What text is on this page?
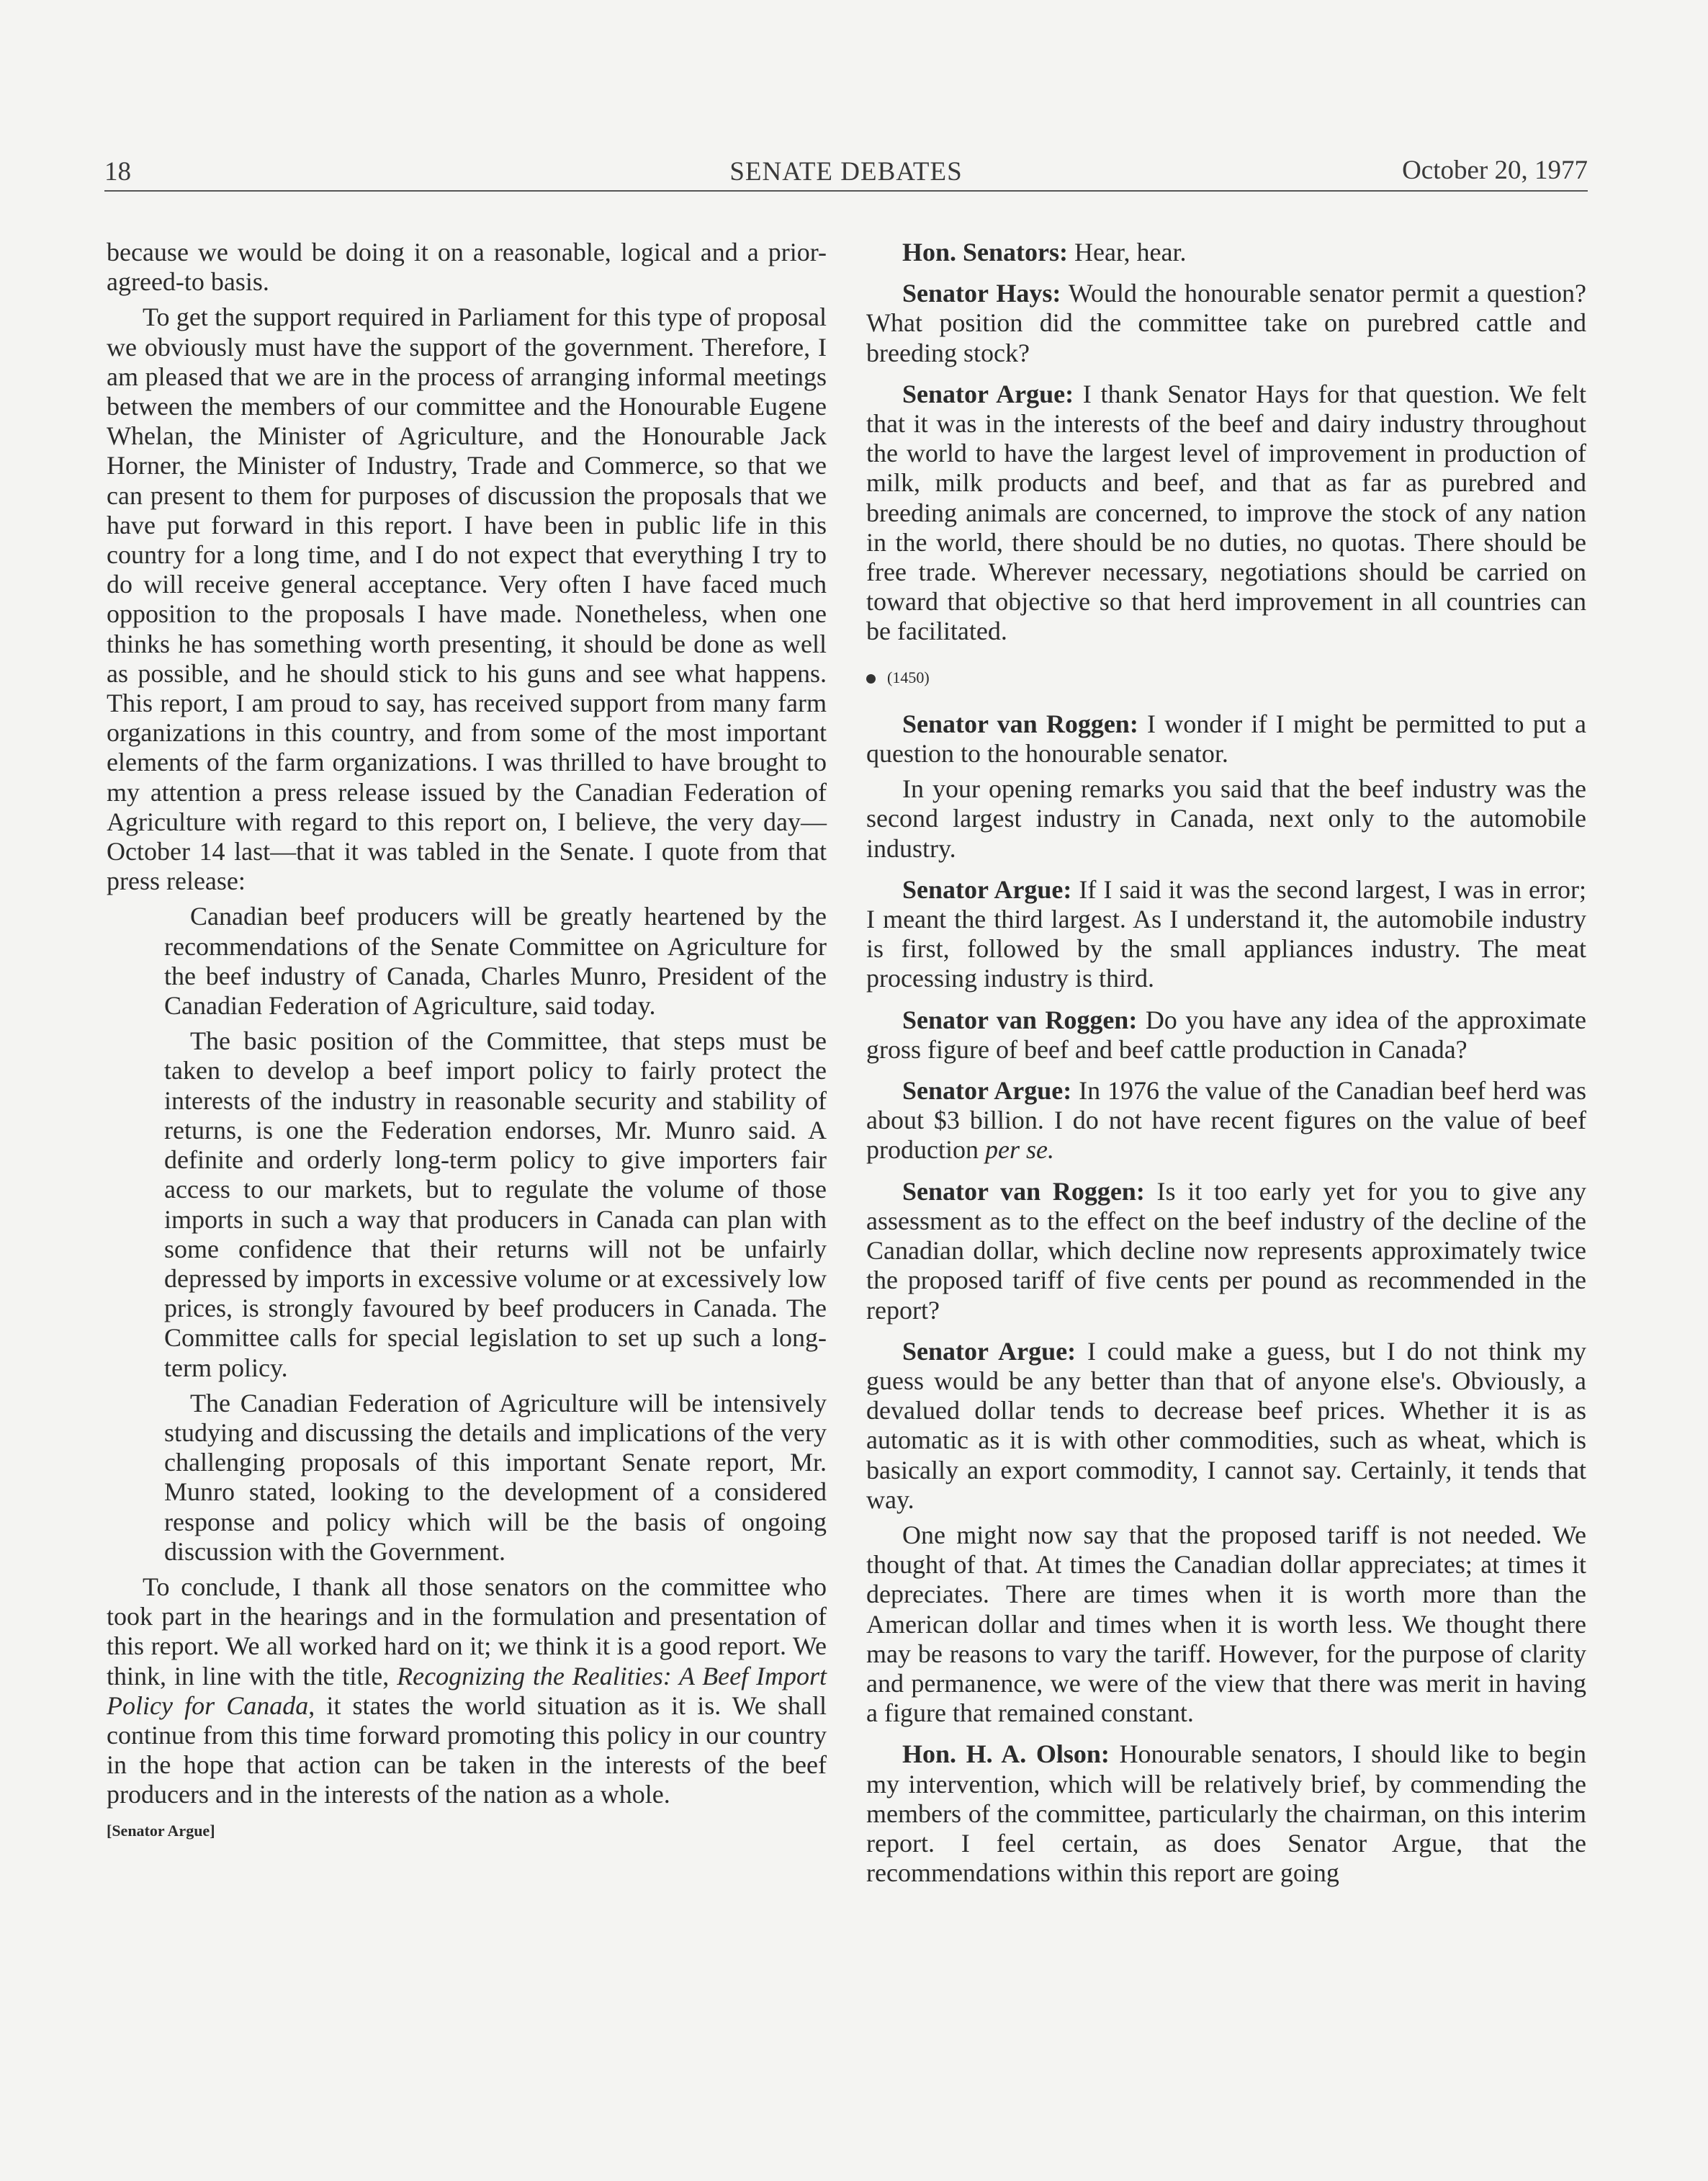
18	SENATE DEBATES	October 20, 1977

because we would be doing it on a reasonable, logical and a prior-agreed-to basis.

To get the support required in Parliament for this type of proposal we obviously must have the support of the government. Therefore, I am pleased that we are in the process of arranging informal meetings between the members of our committee and the Honourable Eugene Whelan, the Minister of Agriculture, and the Honourable Jack Horner, the Minister of Industry, Trade and Commerce, so that we can present to them for purposes of discussion the proposals that we have put forward in this report. I have been in public life in this country for a long time, and I do not expect that everything I try to do will receive general acceptance. Very often I have faced much opposition to the proposals I have made. Nonetheless, when one thinks he has something worth presenting, it should be done as well as possible, and he should stick to his guns and see what happens. This report, I am proud to say, has received support from many farm organizations in this country, and from some of the most important elements of the farm organizations. I was thrilled to have brought to my attention a press release issued by the Canadian Federation of Agriculture with regard to this report on, I believe, the very day—October 14 last—that it was tabled in the Senate. I quote from that press release:

Canadian beef producers will be greatly heartened by the recommendations of the Senate Committee on Agriculture for the beef industry of Canada, Charles Munro, President of the Canadian Federation of Agriculture, said today.

The basic position of the Committee, that steps must be taken to develop a beef import policy to fairly protect the interests of the industry in reasonable security and stability of returns, is one the Federation endorses, Mr. Munro said. A definite and orderly long-term policy to give importers fair access to our markets, but to regulate the volume of those imports in such a way that producers in Canada can plan with some confidence that their returns will not be unfairly depressed by imports in excessive volume or at excessively low prices, is strongly favoured by beef producers in Canada. The Committee calls for special legislation to set up such a long-term policy.

The Canadian Federation of Agriculture will be intensively studying and discussing the details and implications of the very challenging proposals of this important Senate report, Mr. Munro stated, looking to the development of a considered response and policy which will be the basis of ongoing discussion with the Government.

To conclude, I thank all those senators on the committee who took part in the hearings and in the formulation and presentation of this report. We all worked hard on it; we think it is a good report. We think, in line with the title, Recognizing the Realities: A Beef Import Policy for Canada, it states the world situation as it is. We shall continue from this time forward promoting this policy in our country in the hope that action can be taken in the interests of the beef producers and in the interests of the nation as a whole.

[Senator Argue]

Hon. Senators: Hear, hear.

Senator Hays: Would the honourable senator permit a question? What position did the committee take on purebred cattle and breeding stock?

Senator Argue: I thank Senator Hays for that question. We felt that it was in the interests of the beef and dairy industry throughout the world to have the largest level of improvement in production of milk, milk products and beef, and that as far as purebred and breeding animals are concerned, to improve the stock of any nation in the world, there should be no duties, no quotas. There should be free trade. Wherever necessary, negotiations should be carried on toward that objective so that herd improvement in all countries can be facilitated.

(1450)

Senator van Roggen: I wonder if I might be permitted to put a question to the honourable senator.

In your opening remarks you said that the beef industry was the second largest industry in Canada, next only to the automobile industry.

Senator Argue: If I said it was the second largest, I was in error; I meant the third largest. As I understand it, the automobile industry is first, followed by the small appliances industry. The meat processing industry is third.

Senator van Roggen: Do you have any idea of the approximate gross figure of beef and beef cattle production in Canada?

Senator Argue: In 1976 the value of the Canadian beef herd was about $3 billion. I do not have recent figures on the value of beef production per se.

Senator van Roggen: Is it too early yet for you to give any assessment as to the effect on the beef industry of the decline of the Canadian dollar, which decline now represents approximately twice the proposed tariff of five cents per pound as recommended in the report?

Senator Argue: I could make a guess, but I do not think my guess would be any better than that of anyone else's. Obviously, a devalued dollar tends to decrease beef prices. Whether it is as automatic as it is with other commodities, such as wheat, which is basically an export commodity, I cannot say. Certainly, it tends that way.

One might now say that the proposed tariff is not needed. We thought of that. At times the Canadian dollar appreciates; at times it depreciates. There are times when it is worth more than the American dollar and times when it is worth less. We thought there may be reasons to vary the tariff. However, for the purpose of clarity and permanence, we were of the view that there was merit in having a figure that remained constant.

Hon. H. A. Olson: Honourable senators, I should like to begin my intervention, which will be relatively brief, by commending the members of the committee, particularly the chairman, on this interim report. I feel certain, as does Senator Argue, that the recommendations within this report are going
